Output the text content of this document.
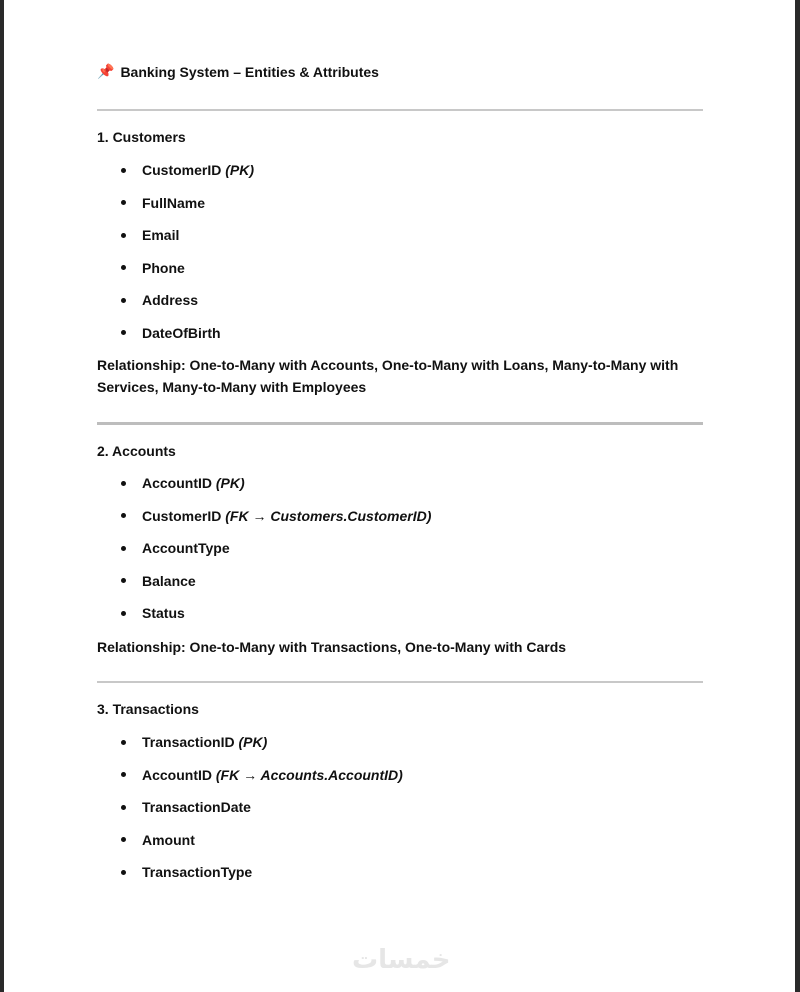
📌 Banking System – Entities & Attributes
1. Customers
CustomerID
(PK)
FullName
Email
Phone
Address
DateOfBirth
Relationship: One-to-Many with Accounts, One-to-Many with Loans, Many-to-Many with Services, Many-to-Many with Employees
2. Accounts
AccountID
(PK)
CustomerID
(FK → Customers.CustomerID)
AccountType
Balance
Status
Relationship: One-to-Many with Transactions, One-to-Many with Cards
3. Transactions
TransactionID
(PK)
AccountID
(FK → Accounts.AccountID)
TransactionDate
Amount
TransactionType
خمسات
